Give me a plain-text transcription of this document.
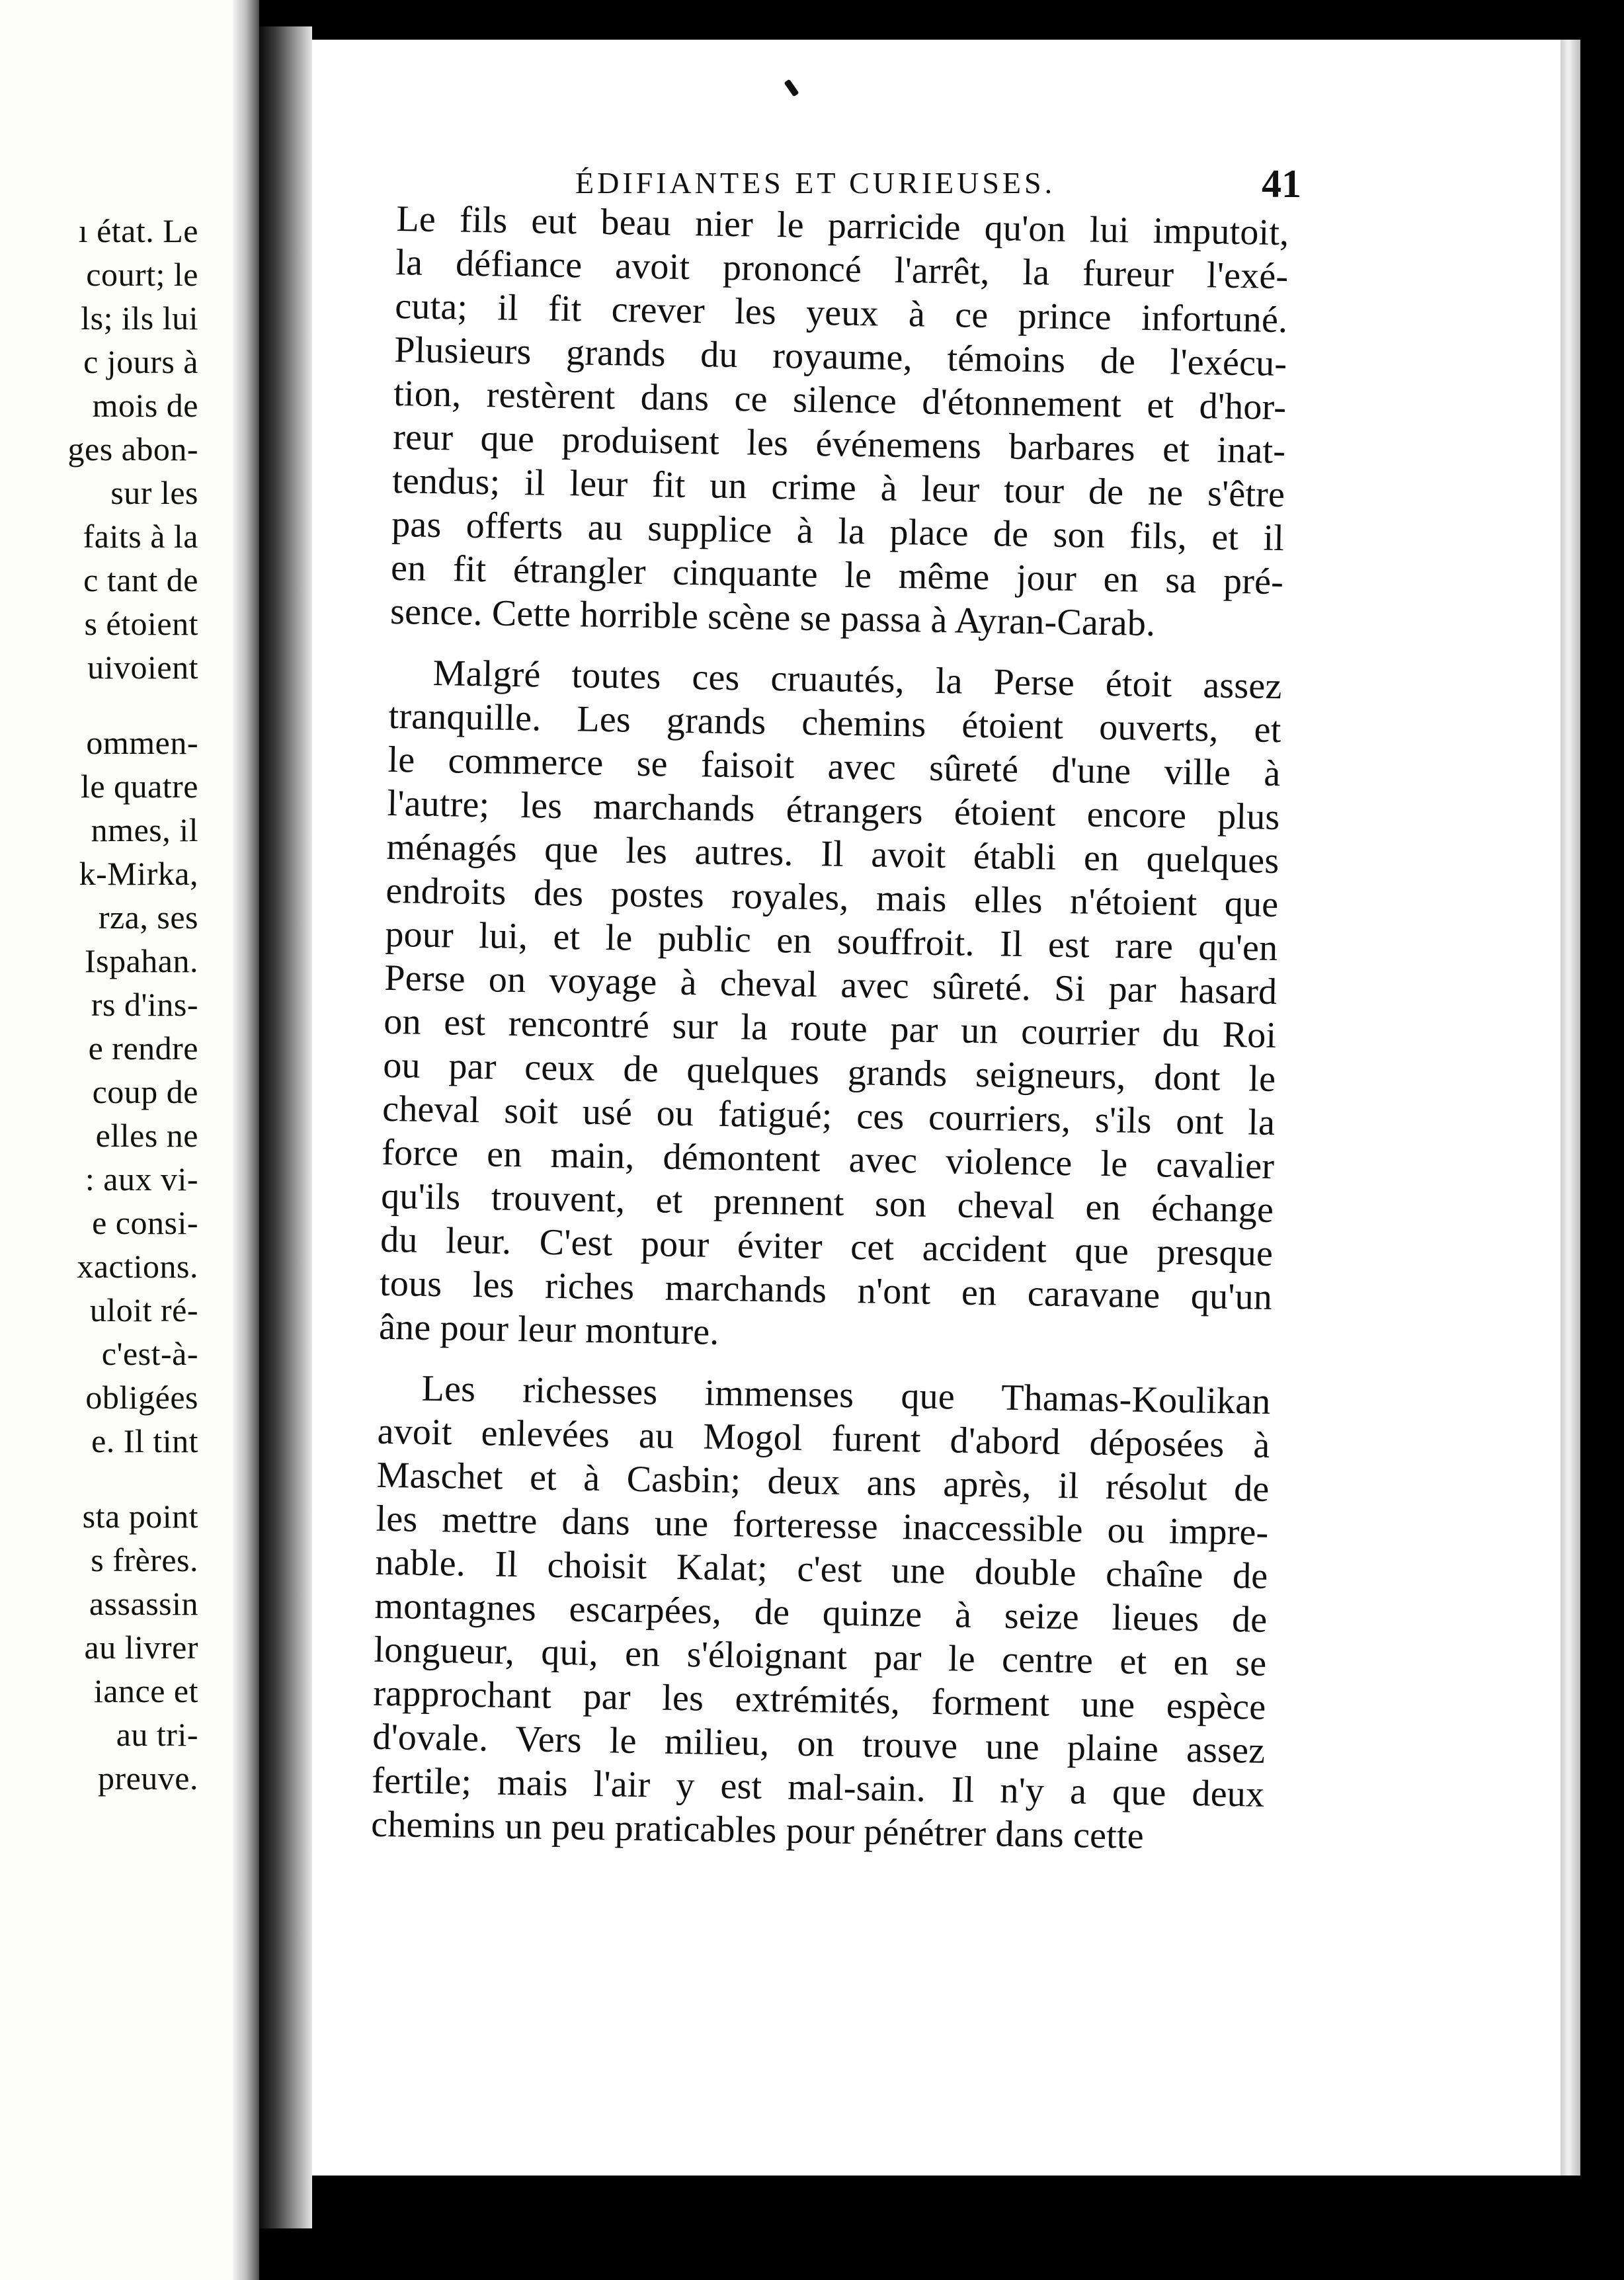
ı état. Le
court; le
ls; ils lui
c jours à
mois de
ges abon-
sur les
faits à la
c tant de
s étoient
uivoient
ommen-
le quatre
nmes, il
k-Mirka,
rza, ses
Ispahan.
rs d'ins-
e rendre
coup de
elles ne
: aux vi-
e consi-
xactions.
uloit ré-
c'est-à-
obligées
e. Il tint
sta point
s frères.
assassin
au livrer
iance et
au tri-
preuve.
ÉDIFIANTES ET CURIEUSES.	41
Le fils eut beau nier le parricide qu'on lui imputoit,
la défiance avoit prononcé l'arrêt, la fureur l'exé-
cuta; il fit crever les yeux à ce prince infortuné.
Plusieurs grands du royaume, témoins de l'exécu-
tion, restèrent dans ce silence d'étonnement et d'hor-
reur que produisent les événemens barbares et inat-
tendus; il leur fit un crime à leur tour de ne s'être
pas offerts au supplice à la place de son fils, et il
en fit étrangler cinquante le même jour en sa pré-
sence. Cette horrible scène se passa à Ayran-Carab.
Malgré toutes ces cruautés, la Perse étoit assez
tranquille. Les grands chemins étoient ouverts, et
le commerce se faisoit avec sûreté d'une ville à
l'autre; les marchands étrangers étoient encore plus
ménagés que les autres. Il avoit établi en quelques
endroits des postes royales, mais elles n'étoient que
pour lui, et le public en souffroit. Il est rare qu'en
Perse on voyage à cheval avec sûreté. Si par hasard
on est rencontré sur la route par un courrier du Roi
ou par ceux de quelques grands seigneurs, dont le
cheval soit usé ou fatigué; ces courriers, s'ils ont la
force en main, démontent avec violence le cavalier
qu'ils trouvent, et prennent son cheval en échange
du leur. C'est pour éviter cet accident que presque
tous les riches marchands n'ont en caravane qu'un
âne pour leur monture.
Les richesses immenses que Thamas-Koulikan
avoit enlevées au Mogol furent d'abord déposées à
Maschet et à Casbin; deux ans après, il résolut de
les mettre dans une forteresse inaccessible ou impre-
nable. Il choisit Kalat; c'est une double chaîne de
montagnes escarpées, de quinze à seize lieues de
longueur, qui, en s'éloignant par le centre et en se
rapprochant par les extrémités, forment une espèce
d'ovale. Vers le milieu, on trouve une plaine assez
fertile; mais l'air y est mal-sain. Il n'y a que deux
chemins un peu praticables pour pénétrer dans cette
